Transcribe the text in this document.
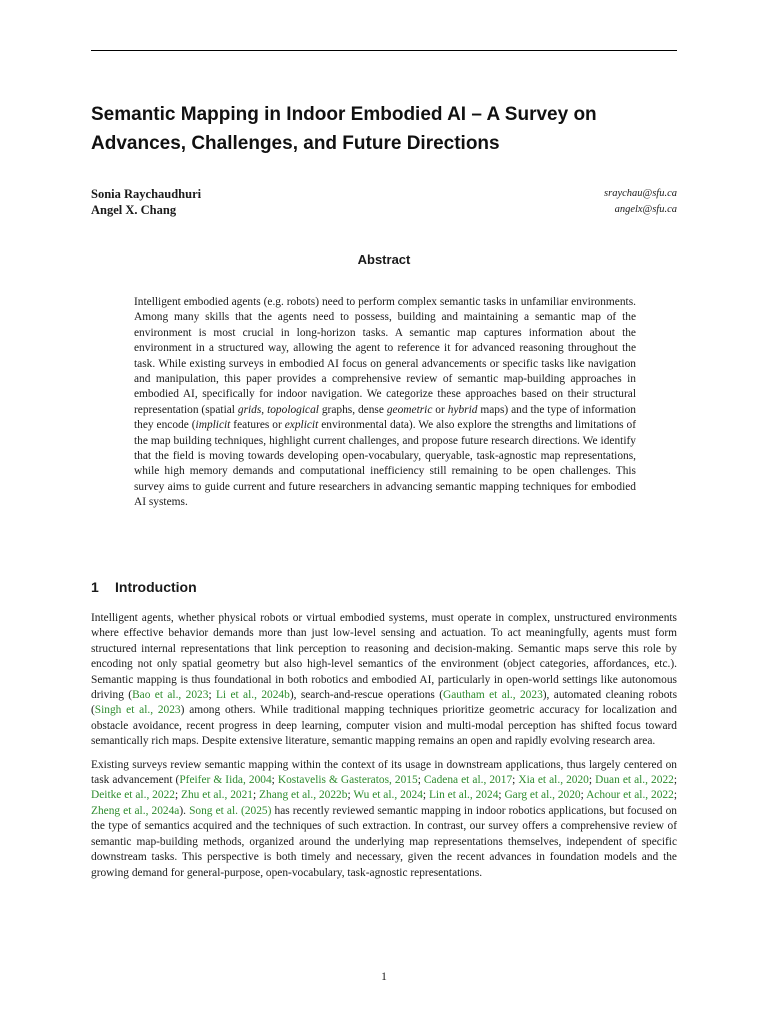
Semantic Mapping in Indoor Embodied AI – A Survey on Advances, Challenges, and Future Directions
Sonia Raychaudhuri	sraychau@sfu.ca
Angel X. Chang	angelx@sfu.ca
Abstract
Intelligent embodied agents (e.g. robots) need to perform complex semantic tasks in unfamiliar environments. Among many skills that the agents need to possess, building and maintaining a semantic map of the environment is most crucial in long-horizon tasks. A semantic map captures information about the environment in a structured way, allowing the agent to reference it for advanced reasoning throughout the task. While existing surveys in embodied AI focus on general advancements or specific tasks like navigation and manipulation, this paper provides a comprehensive review of semantic map-building approaches in embodied AI, specifically for indoor navigation. We categorize these approaches based on their structural representation (spatial grids, topological graphs, dense geometric or hybrid maps) and the type of information they encode (implicit features or explicit environmental data). We also explore the strengths and limitations of the map building techniques, highlight current challenges, and propose future research directions. We identify that the field is moving towards developing open-vocabulary, queryable, task-agnostic map representations, while high memory demands and computational inefficiency still remaining to be open challenges. This survey aims to guide current and future researchers in advancing semantic mapping techniques for embodied AI systems.
1 Introduction

Intelligent agents, whether physical robots or virtual embodied systems, must operate in complex, unstructured environments where effective behavior demands more than just low-level sensing and actuation. To act meaningfully, agents must form structured internal representations that link perception to reasoning and decision-making. Semantic maps serve this role by encoding not only spatial geometry but also high-level semantics of the environment (object categories, affordances, etc.). Semantic mapping is thus foundational in both robotics and embodied AI, particularly in open-world settings like autonomous driving (Bao et al., 2023; Li et al., 2024b), search-and-rescue operations (Gautham et al., 2023), automated cleaning robots (Singh et al., 2023) among others. While traditional mapping techniques prioritize geometric accuracy for localization and obstacle avoidance, recent progress in deep learning, computer vision and multi-modal perception has shifted focus toward semantically rich maps. Despite extensive literature, semantic mapping remains an open and rapidly evolving research area.

Existing surveys review semantic mapping within the context of its usage in downstream applications, thus largely centered on task advancement (Pfeifer & Iida, 2004; Kostavelis & Gasteratos, 2015; Cadena et al., 2017; Xia et al., 2020; Duan et al., 2022; Deitke et al., 2022; Zhu et al., 2021; Zhang et al., 2022b; Wu et al., 2024; Lin et al., 2024; Garg et al., 2020; Achour et al., 2022; Zheng et al., 2024a). Song et al. (2025) has recently reviewed semantic mapping in indoor robotics applications, but focused on the type of semantics acquired and the techniques of such extraction. In contrast, our survey offers a comprehensive review of semantic map-building methods, organized around the underlying map representations themselves, independent of specific downstream tasks. This perspective is both timely and necessary, given the recent advances in foundation models and the growing demand for general-purpose, open-vocabulary, task-agnostic representations.

1
